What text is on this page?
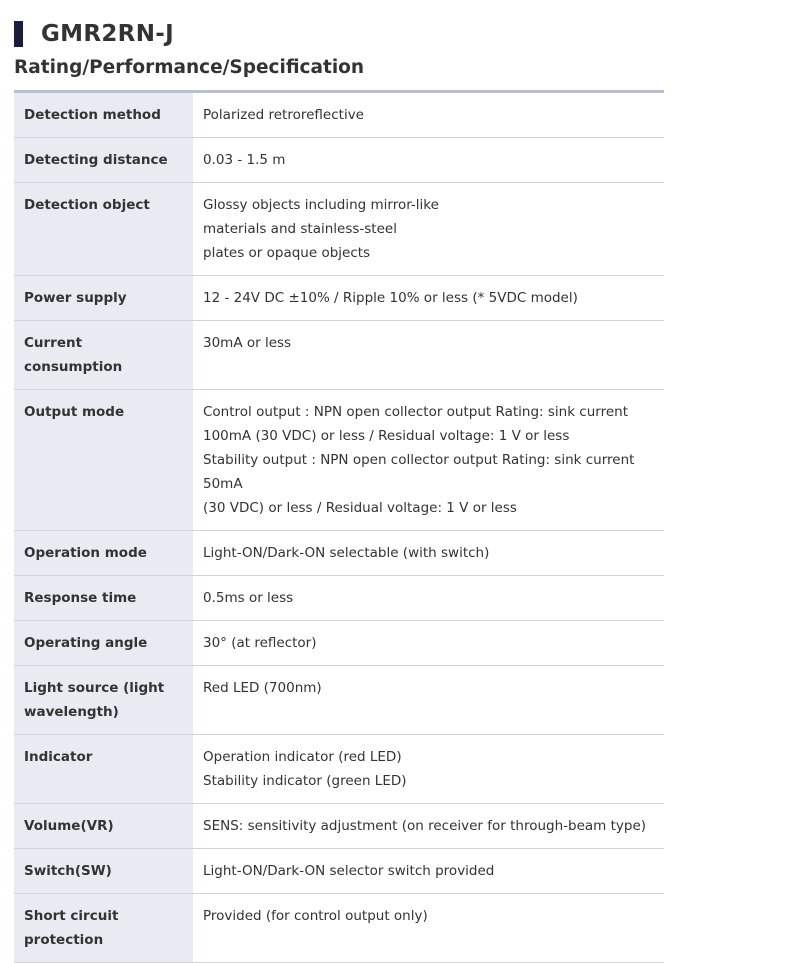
GMR2RN-J
Rating/Performance/Specification
Detection method	Polarized retroreflective

Detecting distance	0.03 - 1.5 m

Detection object	Glossy objects including mirror-like
materials and stainless-steel
plates or opaque objects

Power supply	12 - 24V DC ±10% / Ripple 10% or less (* 5VDC model)

Current consumption	30mA or less

Output mode	Control output : NPN open collector output Rating: sink current
100mA (30 VDC) or less / Residual voltage: 1 V or less
Stability output : NPN open collector output Rating: sink current 50mA
(30 VDC) or less / Residual voltage: 1 V or less

Operation mode	Light-ON/Dark-ON selectable (with switch)

Response time	0.5ms or less

Operating angle	30° (at reflector)

Light source (light wavelength)	Red LED (700nm)

Indicator	Operation indicator (red LED)
Stability indicator (green LED)

Volume(VR)	SENS: sensitivity adjustment (on receiver for through-beam type)

Switch(SW)	Light-ON/Dark-ON selector switch provided

Short circuit protection	Provided (for control output only)
